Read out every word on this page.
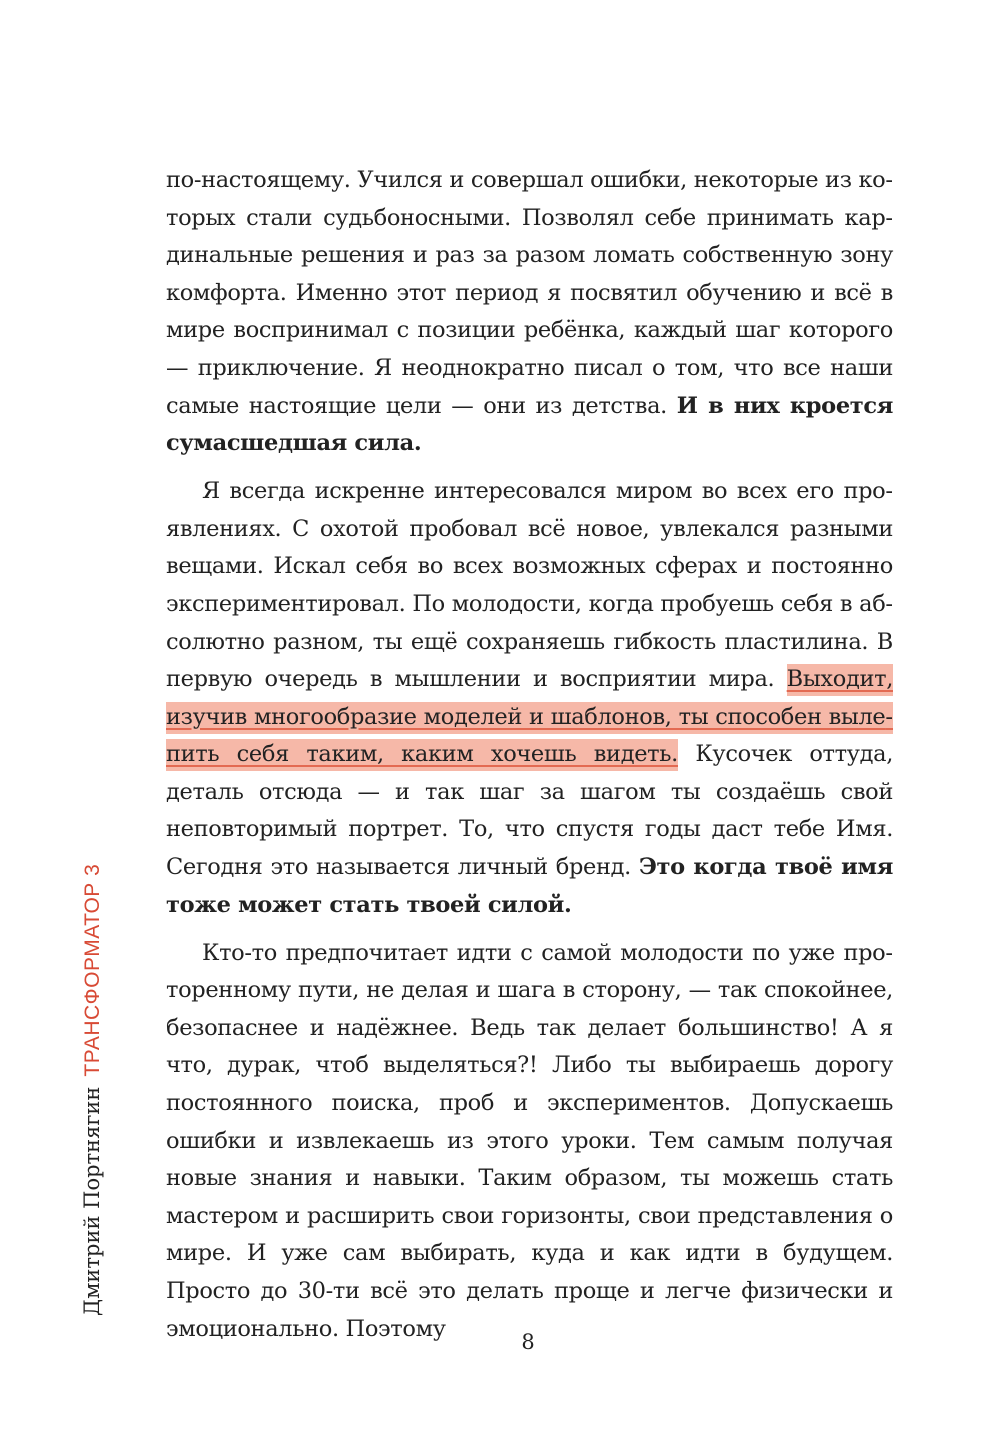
Дмитрий ПортнягинТРАНСФОРМАТОР 3

по-настоящему. Учился и совершал ошибки, некоторые из которых стали судьбоносными. Позволял себе принимать кардинальные решения и раз за разом ломать собственную зону комфорта. Именно этот период я посвятил обучению и всё в мире воспринимал с позиции ребёнка, каждый шаг которого — приключение. Я неоднократно писал о том, что все наши самые настоящие цели — они из детства. И в них кроется сумасшедшая сила.

Я всегда искренне интересовался миром во всех его проявлениях. С охотой пробовал всё новое, увлекался разными вещами. Искал себя во всех возможных сферах и постоянно экспериментировал. По молодости, когда пробуешь себя в абсолютно разном, ты ещё сохраняешь гибкость пластилина. В первую очередь в мышлении и восприятии мира. Выходит, изучив многообразие моделей и шаблонов, ты способен вылепить себя таким, каким хочешь видеть. Кусочек оттуда, деталь отсюда — и так шаг за шагом ты создаёшь свой неповторимый портрет. То, что спустя годы даст тебе Имя. Сегодня это называется личный бренд. Это когда твоё имя тоже может стать твоей силой.

Кто-то предпочитает идти с самой молодости по уже проторенному пути, не делая и шага в сторону, — так спокойнее, безопаснее и надёжнее. Ведь так делает большинство! А я что, дурак, чтоб выделяться?! Либо ты выбираешь дорогу постоянного поиска, проб и экспериментов. Допускаешь ошибки и извлекаешь из этого уроки. Тем самым получая новые знания и навыки. Таким образом, ты можешь стать мастером и расширить свои горизонты, свои представления о мире. И уже сам выбирать, куда и как идти в будущем. Просто до 30-ти всё это делать проще и легче физически и эмоционально. Поэтому

8
